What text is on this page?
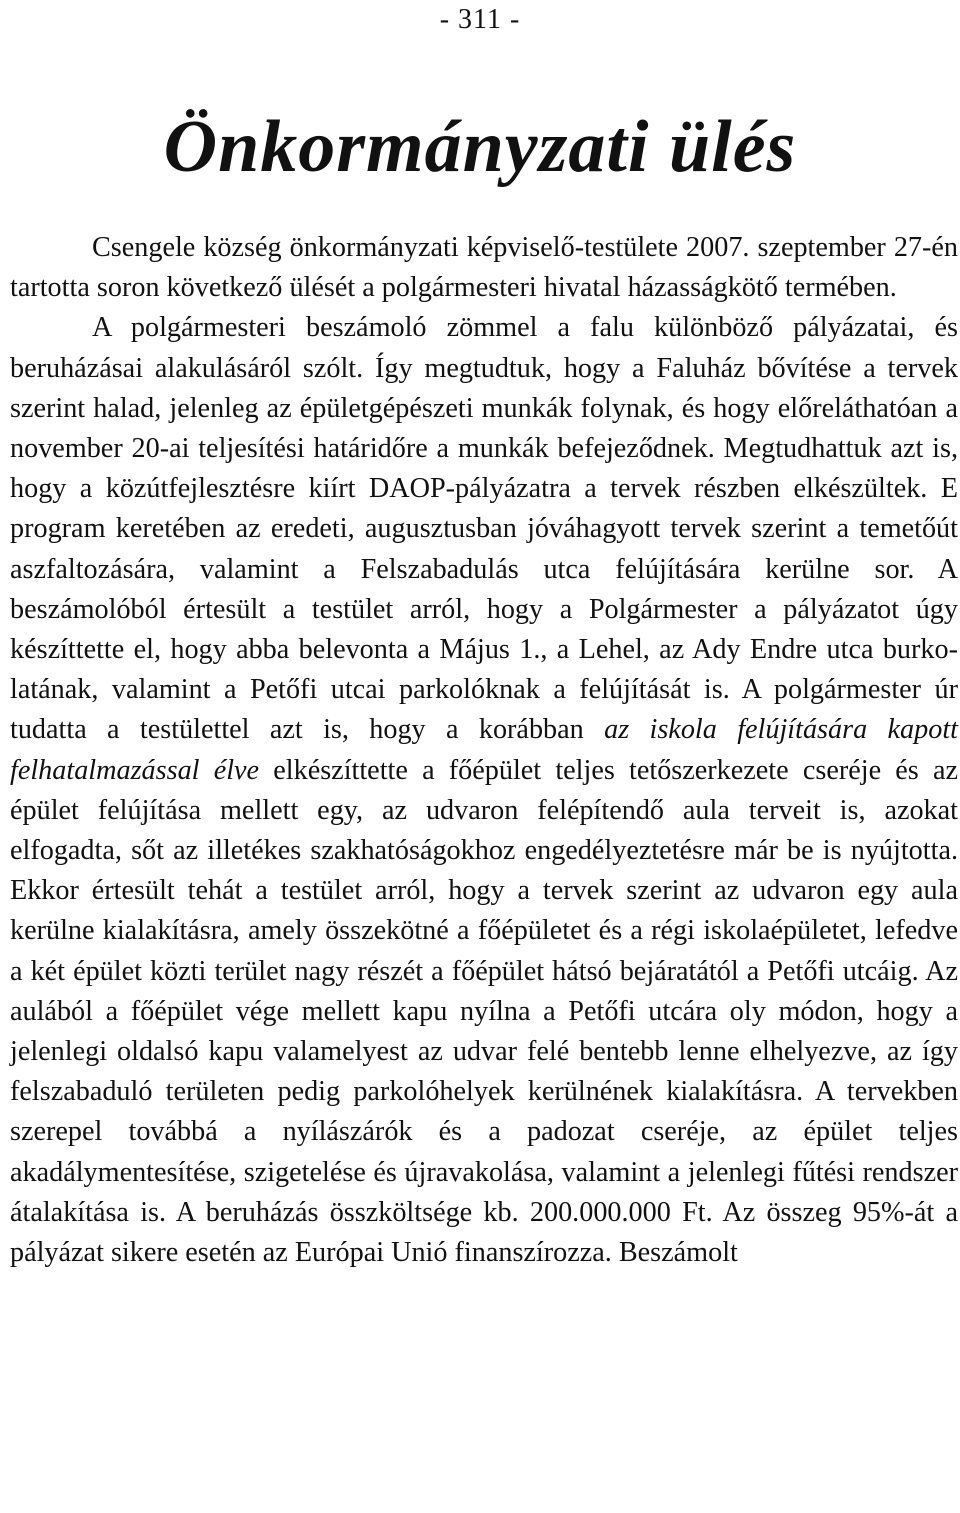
- 311 -
Önkormányzati ülés

Csengele község önkormányzati képviselő-testülete 2007. szeptember 27-én tartotta soron következő ülését a polgármesteri hivatal házasságkötő termében.

A polgármesteri beszámoló zömmel a falu különböző pályázatai, és beruházásai alakulásáról szólt. Így megtudtuk, hogy a Faluház bővítése a tervek szerint halad, jelenleg az épületgépészeti munkák folynak, és hogy előreláthatóan a november 20-ai teljesítési határidőre a munkák befejeződnek. Megtudhattuk azt is, hogy a közútfejlesztésre kiírt DAOP-pályázatra a tervek részben elkészültek. E program keretében az eredeti, augusztusban jóváhagyott tervek szerint a temetőút aszfaltozására, valamint a Felszabadulás utca felújítására kerülne sor. A beszámolóból értesült a testület arról, hogy a Polgármester a pályázatot úgy készíttette el, hogy abba belevonta a Május 1., a Lehel, az Ady Endre utca burkolatának, valamint a Petőfi utcai parkolóknak a felújítását is. A polgármester úr tudatta a testülettel azt is, hogy a korábban az iskola felújítására kapott felhatalmazással élve elkészíttette a főépület teljes tetőszerkezete cseréje és az épület felújítása mellett egy, az udvaron felépítendő aula terveit is, azokat elfogadta, sőt az illetékes szakhatóságokhoz engedélyeztetésre már be is nyújtotta. Ekkor értesült tehát a testület arról, hogy a tervek szerint az udvaron egy aula kerülne kialakításra, amely összekötné a főépületet és a régi iskolaépületet, lefedve a két épület közti terület nagy részét a főépület hátsó bejáratától a Petőfi utcáig. Az aulából a főépület vége mellett kapu nyílna a Petőfi utcára oly módon, hogy a jelenlegi oldalsó kapu valamelyest az udvar felé bentebb lenne elhelyezve, az így felszabaduló területen pedig parkolóhelyek kerülnének kialakításra. A tervekben szerepel továbbá a nyílászárók és a padozat cseréje, az épület teljes akadálymentesítése, szigetelése és újravakolása, valamint a jelenlegi fűtési rendszer átalakítása is. A beruházás összköltsége kb. 200.000.000 Ft. Az összeg 95%-át a pályázat sikere esetén az Európai Unió finanszírozza. Beszámolt
